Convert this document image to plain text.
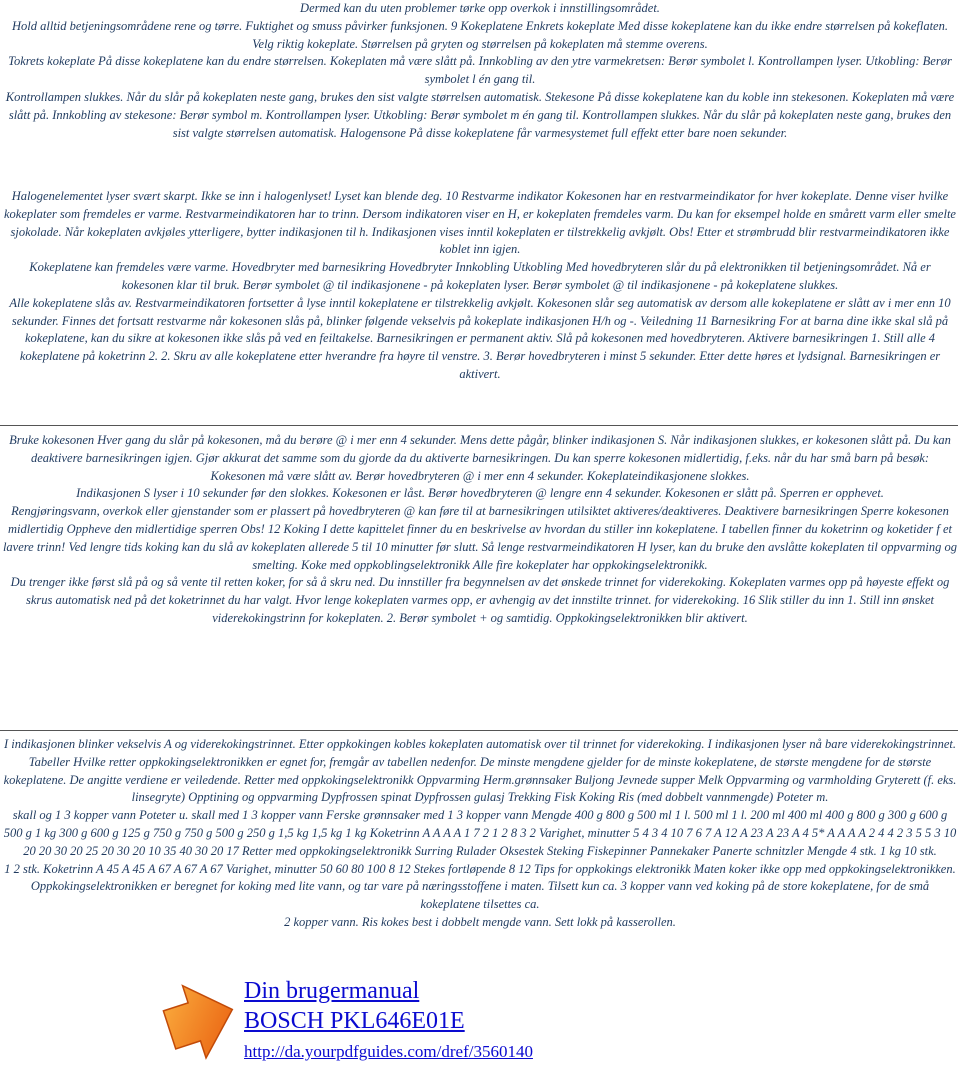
Dermed kan du uten problemer tørke opp overkok i innstillingsområdet.

Hold alltid betjeningsområdene rene og tørre. Fuktighet og smuss påvirker funksjonen. 9 Kokeplatene Enkrets kokeplate Med disse kokeplatene kan du ikke endre størrelsen på kokeflaten. Velg riktig kokeplate. Størrelsen på gryten og størrelsen på kokeplaten må stemme overens.

Tokrets kokeplate På disse kokeplatene kan du endre størrelsen. Kokeplaten må være slått på. Innkobling av den ytre varmekretsen: Berør symbolet l. Kontrollampen lyser. Utkobling: Berør symbolet l én gang til.

Kontrollampen slukkes. Når du slår på kokeplaten neste gang, brukes den sist valgte størrelsen automatisk. Stekesone På disse kokeplatene kan du koble inn stekesonen. Kokeplaten må være slått på. Innkobling av stekesone: Berør symbol m. Kontrollampen lyser. Utkobling: Berør symbolet m én gang til. Kontrollampen slukkes. Når du slår på kokeplaten neste gang, brukes den sist valgte størrelsen automatisk. Halogensone På disse kokeplatene får varmesystemet full effekt etter bare noen sekunder.

Halogenelementet lyser svært skarpt. Ikke se inn i halogenlyset! Lyset kan blende deg. 10 Restvarme indikator Kokesonen har en restvarmeindikator for hver kokeplate. Denne viser hvilke kokeplater som fremdeles er varme. Restvarmeindikatoren har to trinn. Dersom indikatoren viser en H, er kokeplaten fremdeles varm. Du kan for eksempel holde en smårett varm eller smelte sjokolade. Når kokeplaten avkjøles ytterligere, bytter indikasjonen til h. Indikasjonen vises inntil kokeplaten er tilstrekkelig avkjølt. Obs! Etter et strømbrudd blir restvarmeindikatoren ikke koblet inn igjen.

Kokeplatene kan fremdeles være varme. Hovedbryter med barnesikring Hovedbryter Innkobling Utkobling Med hovedbryteren slår du på elektronikken til betjeningsområdet. Nå er kokesonen klar til bruk. Berør symbolet @ til indikasjonene - på kokeplaten lyser. Berør symbolet @ til indikasjonene - på kokeplatene slukkes.

Alle kokeplatene slås av. Restvarmeindikatoren fortsetter å lyse inntil kokeplatene er tilstrekkelig avkjølt. Kokesonen slår seg automatisk av dersom alle kokeplatene er slått av i mer enn 10 sekunder. Finnes det fortsatt restvarme når kokesonen slås på, blinker følgende vekselvis på kokeplate indikasjonen H/h og -. Veiledning 11 Barnesikring For at barna dine ikke skal slå på kokeplatene, kan du sikre at kokesonen ikke slås på ved en feiltakelse. Barnesikringen er permanent aktiv. Slå på kokesonen med hovedbryteren. Aktivere barnesikringen 1. Still alle 4 kokeplatene på koketrinn 2. 2. Skru av alle kokeplatene etter hverandre fra høyre til venstre. 3. Berør hovedbryteren i minst 5 sekunder. Etter dette høres et lydsignal. Barnesikringen er aktivert.

Bruke kokesonen Hver gang du slår på kokesonen, må du berøre @ i mer enn 4 sekunder. Mens dette pågår, blinker indikasjonen S. Når indikasjonen slukkes, er kokesonen slått på. Du kan deaktivere barnesikringen igjen. Gjør akkurat det samme som du gjorde da du aktiverte barnesikringen. Du kan sperre kokesonen midlertidig, f.eks. når du har små barn på besøk: Kokesonen må være slått av. Berør hovedbryteren @ i mer enn 4 sekunder. Kokeplateindikasjonene slokkes.

Indikasjonen S lyser i 10 sekunder før den slokkes. Kokesonen er låst. Berør hovedbryteren @ lengre enn 4 sekunder. Kokesonen er slått på. Sperren er opphevet.

Rengjøringsvann, overkok eller gjenstander som er plassert på hovedbryteren @ kan føre til at barnesikringen utilsiktet aktiveres/deaktiveres. Deaktivere barnesikringen Sperre kokesonen midlertidig Oppheve den midlertidige sperren Obs! 12 Koking I dette kapittelet finner du en beskrivelse av hvordan du stiller inn kokeplatene. I tabellen finner du koketrinn og koketider f et lavere trinn! Ved lengre tids koking kan du slå av kokeplaten allerede 5 til 10 minutter før slutt. Så lenge restvarmeindikatoren H lyser, kan du bruke den avslåtte kokeplaten til oppvarming og smelting. Koke med oppkoblingselektronikk Alle fire kokeplater har oppkokingselektronikk.

Du trenger ikke først slå på og så vente til retten koker, for så å skru ned. Du innstiller fra begynnelsen av det ønskede trinnet for viderekoking. Kokeplaten varmes opp på høyeste effekt og skrus automatisk ned på det koketrinnet du har valgt. Hvor lenge kokeplaten varmes opp, er avhengig av det innstilte trinnet. for viderekoking. 16 Slik stiller du inn 1. Still inn ønsket viderekokingstrinn for kokeplaten. 2. Berør symbolet + og samtidig. Oppkokingselektronikken blir aktivert.

I indikasjonen blinker vekselvis A og viderekokingstrinnet. Etter oppkokingen kobles kokeplaten automatisk over til trinnet for viderekoking. I indikasjonen lyser nå bare viderekokingstrinnet. Tabeller Hvilke retter oppkokingselektronikken er egnet for, fremgår av tabellen nedenfor. De minste mengdene gjelder for de minste kokeplatene, de største mengdene for de største kokeplatene. De angitte verdiene er veiledende. Retter med oppkokingselektronikk Oppvarming Herm.grønnsaker Buljong Jevnede supper Melk Oppvarming og varmholding Gryterett (f. eks. linsegryte) Opptining og oppvarming Dypfrossen spinat Dypfrossen gulasj Trekking Fisk Koking Ris (med dobbelt vannmengde) Poteter m.

skall og 1 3 kopper vann Poteter u. skall med 1 3 kopper vann Ferske grønnsaker med 1 3 kopper vann Mengde 400 g 800 g 500 ml 1 l. 500 ml 1 l. 200 ml 400 ml 400 g 800 g 300 g 600 g 500 g 1 kg 300 g 600 g 125 g 750 g 750 g 500 g 250 g 1,5 kg 1,5 kg 1 kg Koketrinn A A A A 1 7 2 1 2 8 3 2 Varighet, minutter 5 4 3 4 10 7 6 7 A 12 A 23 A 23 A 4 5* A A A A 2 4 4 2 3 5 5 3 10 20 20 30 20 25 20 30 20 10 35 40 30 20 17 Retter med oppkokingselektronikk Surring Rulader Oksestek Steking Fiskepinner Pannekaker Panerte schnitzler Mengde 4 stk. 1 kg 10 stk.

1 2 stk. Koketrinn A 45 A 45 A 67 A 67 A 67 Varighet, minutter 50 60 80 100 8 12 Stekes fortløpende 8 12 Tips for oppkokings elektronikk Maten koker ikke opp med oppkokingselektronikken. Oppkokingselektronikken er beregnet for koking med lite vann, og tar vare på næringsstoffene i maten. Tilsett kun ca. 3 kopper vann ved koking på de store kokeplatene, for de små kokeplatene tilsettes ca.

2 kopper vann. Ris kokes best i dobbelt mengde vann. Sett lokk på kasserollen.

Din brugermanual
BOSCH PKL646E01E
http://da.yourpdfguides.com/dref/3560140
